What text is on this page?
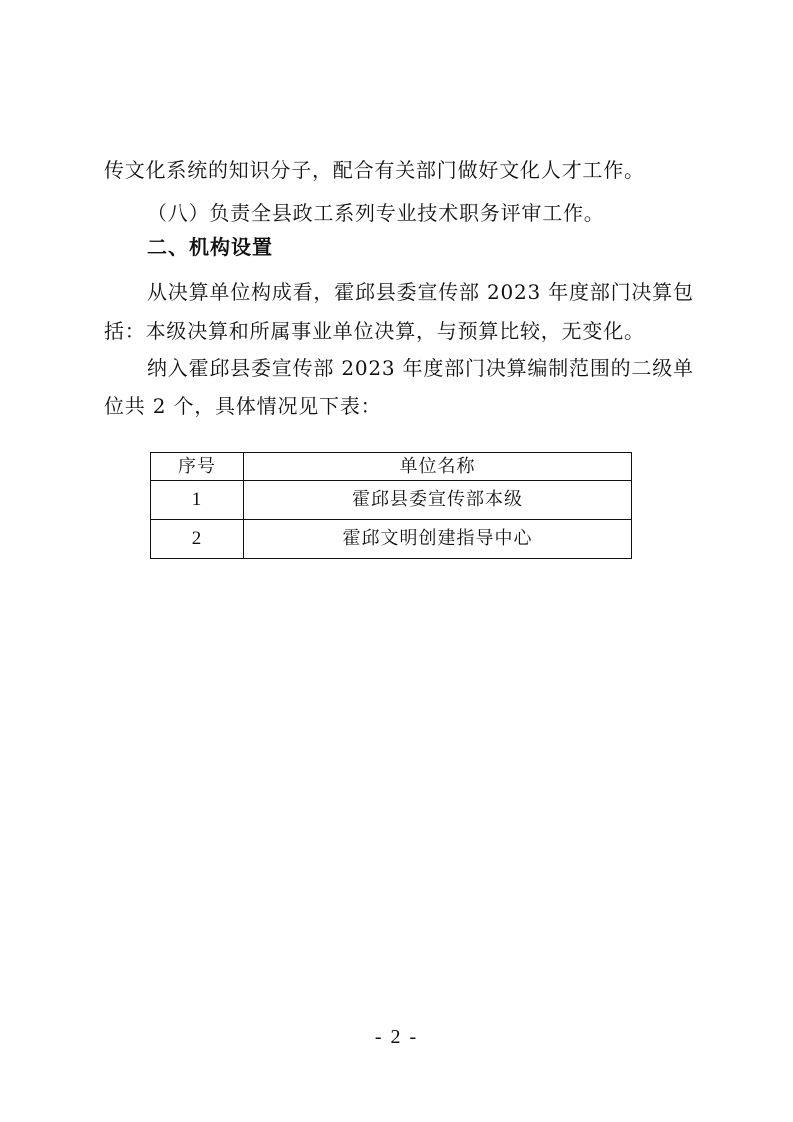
传文化系统的知识分子，配合有关部门做好文化人才工作。
（八）负责全县政工系列专业技术职务评审工作。
二、机构设置
从决算单位构成看，霍邱县委宣传部 2023 年度部门决算包
括：本级决算和所属事业单位决算，与预算比较，无变化。
纳入霍邱县委宣传部 2023 年度部门决算编制范围的二级单
位共 2 个，具体情况见下表：
序号	单位名称
1	霍邱县委宣传部本级
2	霍邱文明创建指导中心
- 2 -
